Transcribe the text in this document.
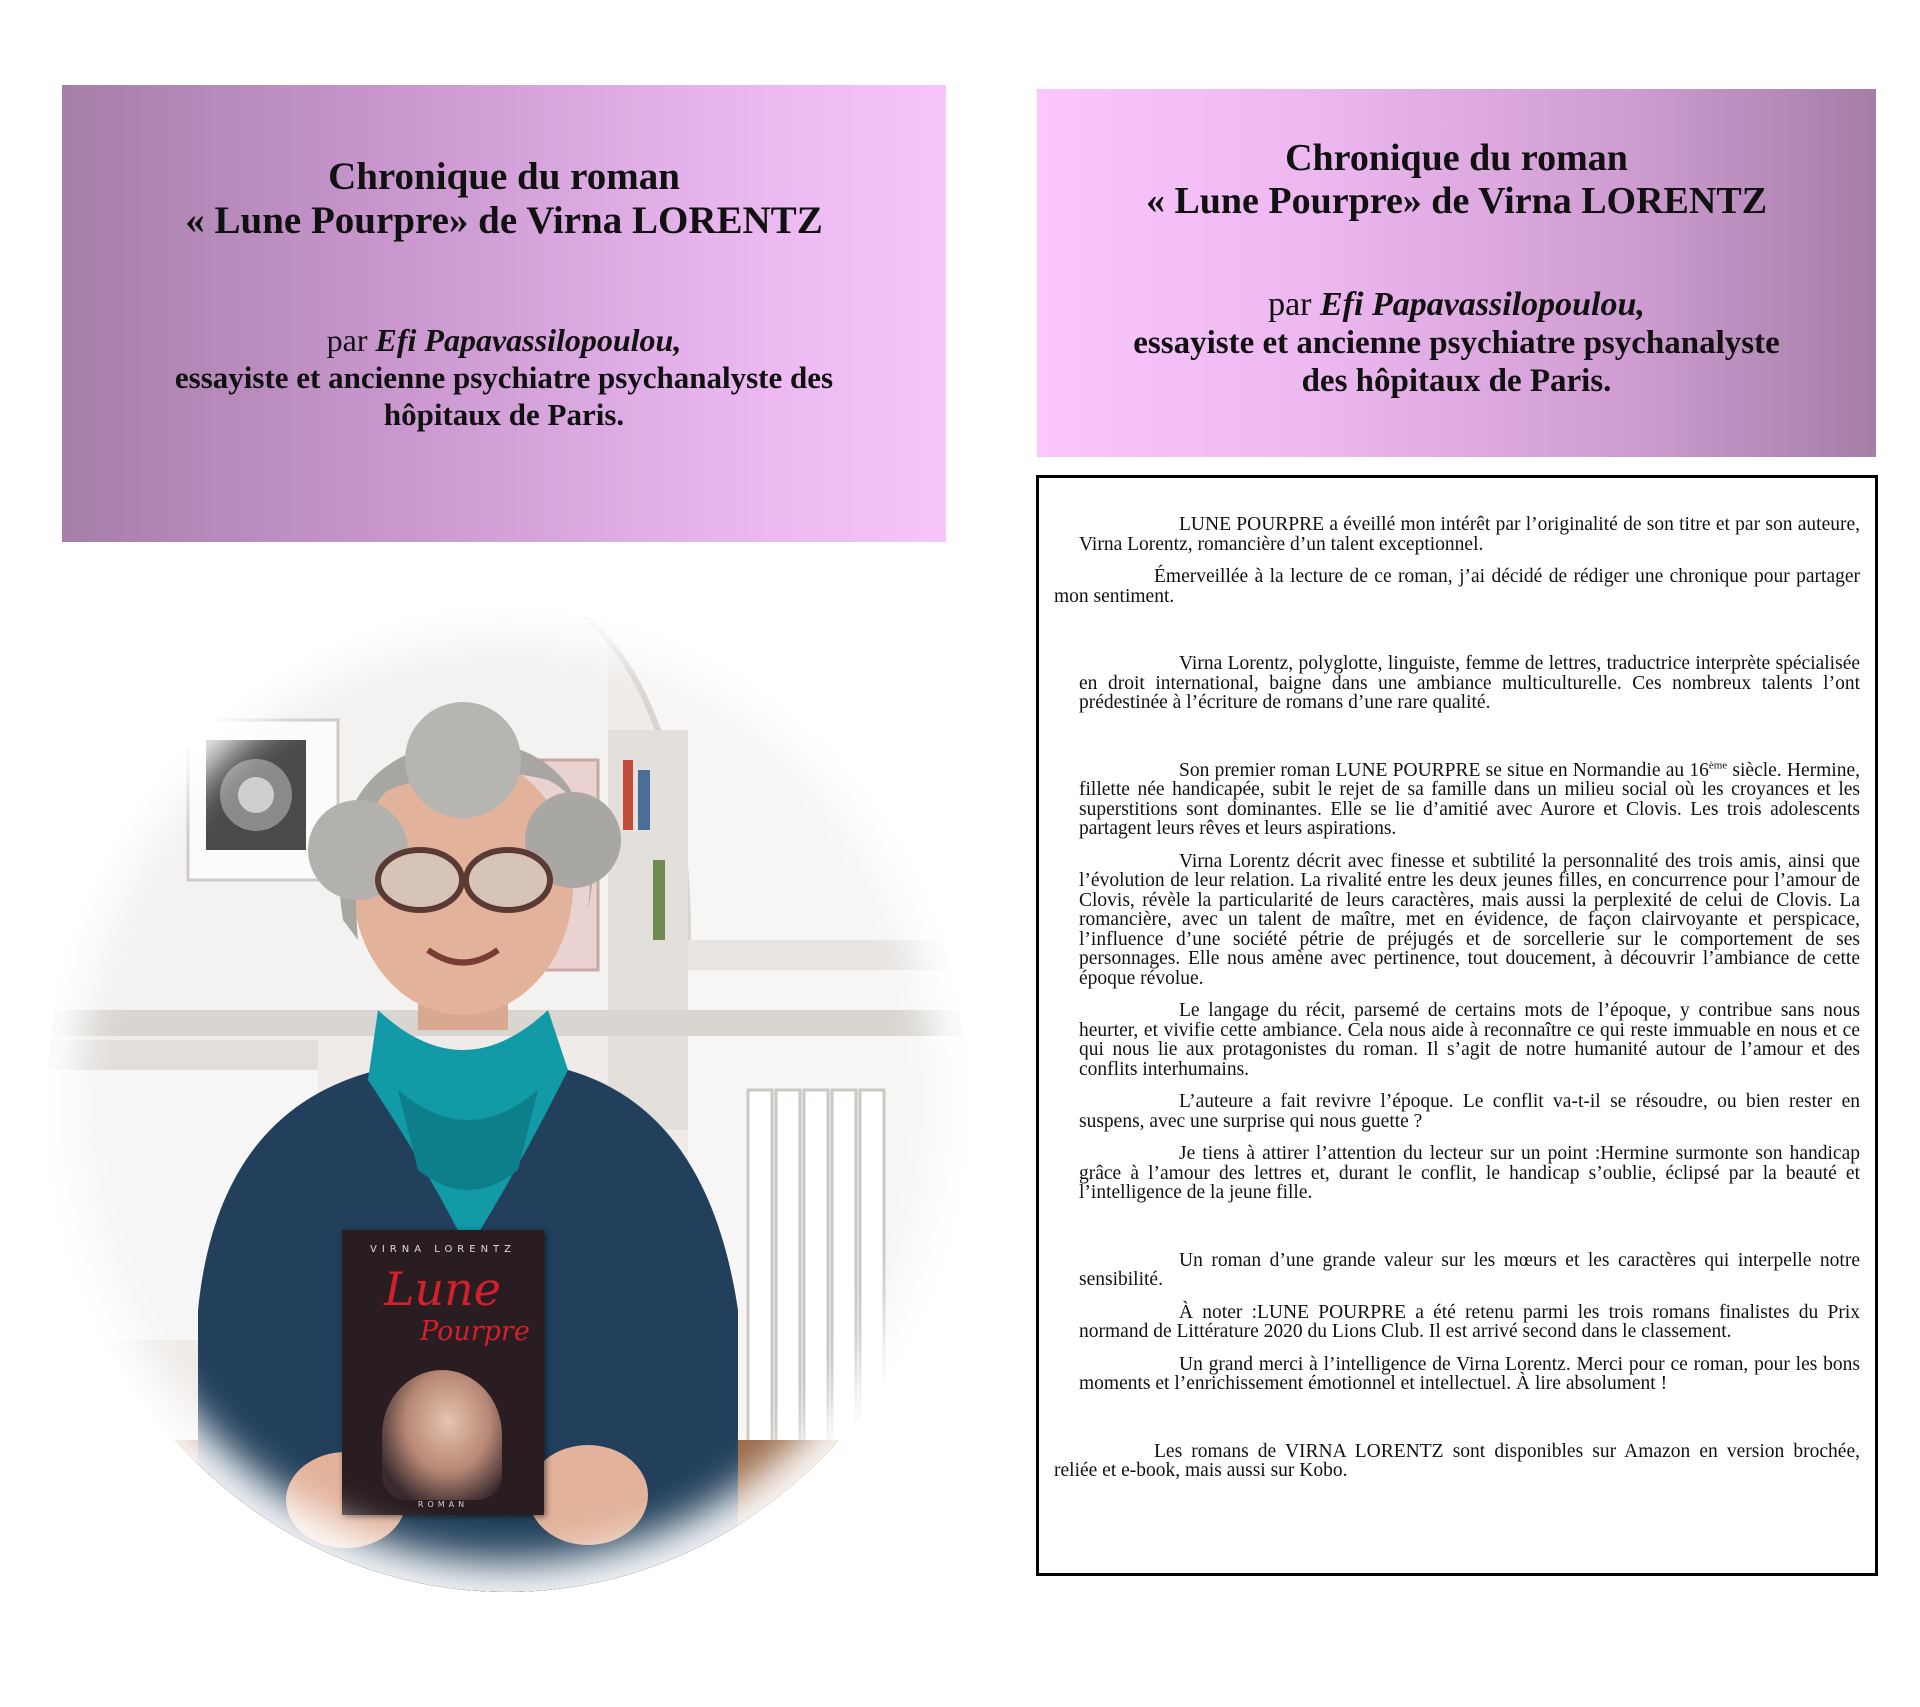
Chronique du roman
« Lune Pourpre» de Virna LORENTZ
par Efi Papavassilopoulou,
essayiste et ancienne psychiatre psychanalyste des
hôpitaux de Paris.
Chronique du roman
« Lune Pourpre» de Virna LORENTZ
par Efi Papavassilopoulou,
essayiste et ancienne psychiatre psychanalyste
des hôpitaux de Paris.
VIRNA LORENTZ
Lune
Pourpre
ROMAN

LUNE POURPRE a éveillé mon intérêt par l’originalité de son titre et par son auteure, Virna Lorentz, romancière d’un talent exceptionnel.

Émerveillée à la lecture de ce roman, j’ai décidé de rédiger une chronique pour partager mon sentiment.

Virna Lorentz, polyglotte, linguiste, femme de lettres, traductrice interprète spécialisée en droit international, baigne dans une ambiance multiculturelle. Ces nombreux talents l’ont prédestinée à l’écriture de romans d’une rare qualité.

Son premier roman LUNE POURPRE se situe en Normandie au 16ème siècle. Hermine, fillette née handicapée, subit le rejet de sa famille dans un milieu social où les croyances et les superstitions sont dominantes. Elle se lie d’amitié avec Aurore et Clovis. Les trois adolescents partagent leurs rêves et leurs aspirations.

Virna Lorentz décrit avec finesse et subtilité la personnalité des trois amis, ainsi que l’évolution de leur relation. La rivalité entre les deux jeunes filles, en concurrence pour l’amour de Clovis, révèle la particularité de leurs caractères, mais aussi la perplexité de celui de Clovis. La romancière, avec un talent de maître, met en évidence, de façon clairvoyante et perspicace, l’influence d’une société pétrie de préjugés et de sorcellerie sur le comportement de ses personnages. Elle nous amène avec pertinence, tout doucement, à découvrir l’ambiance de cette époque révolue.

Le langage du récit, parsemé de certains mots de l’époque, y contribue sans nous heurter, et vivifie cette ambiance. Cela nous aide à reconnaître ce qui reste immuable en nous et ce qui nous lie aux protagonistes du roman. Il s’agit de notre humanité autour de l’amour et des conflits interhumains.

L’auteure a fait revivre l’époque. Le conflit va-t-il se résoudre, ou bien rester en suspens, avec une surprise qui nous guette ?

Je tiens à attirer l’attention du lecteur sur un point :Hermine surmonte son handicap grâce à l’amour des lettres et, durant le conflit, le handicap s’oublie, éclipsé par la beauté et l’intelligence de la jeune fille.

Un roman d’une grande valeur sur les mœurs et les caractères qui interpelle notre sensibilité.

À noter :LUNE POURPRE a été retenu parmi les trois romans finalistes du Prix normand de Littérature 2020 du Lions Club. Il est arrivé second dans le classement.

Un grand merci à l’intelligence de Virna Lorentz. Merci pour ce roman, pour les bons moments et l’enrichissement émotionnel et intellectuel. À lire absolument !

Les romans de VIRNA LORENTZ sont disponibles sur Amazon en version brochée, reliée et e-book, mais aussi sur Kobo.
